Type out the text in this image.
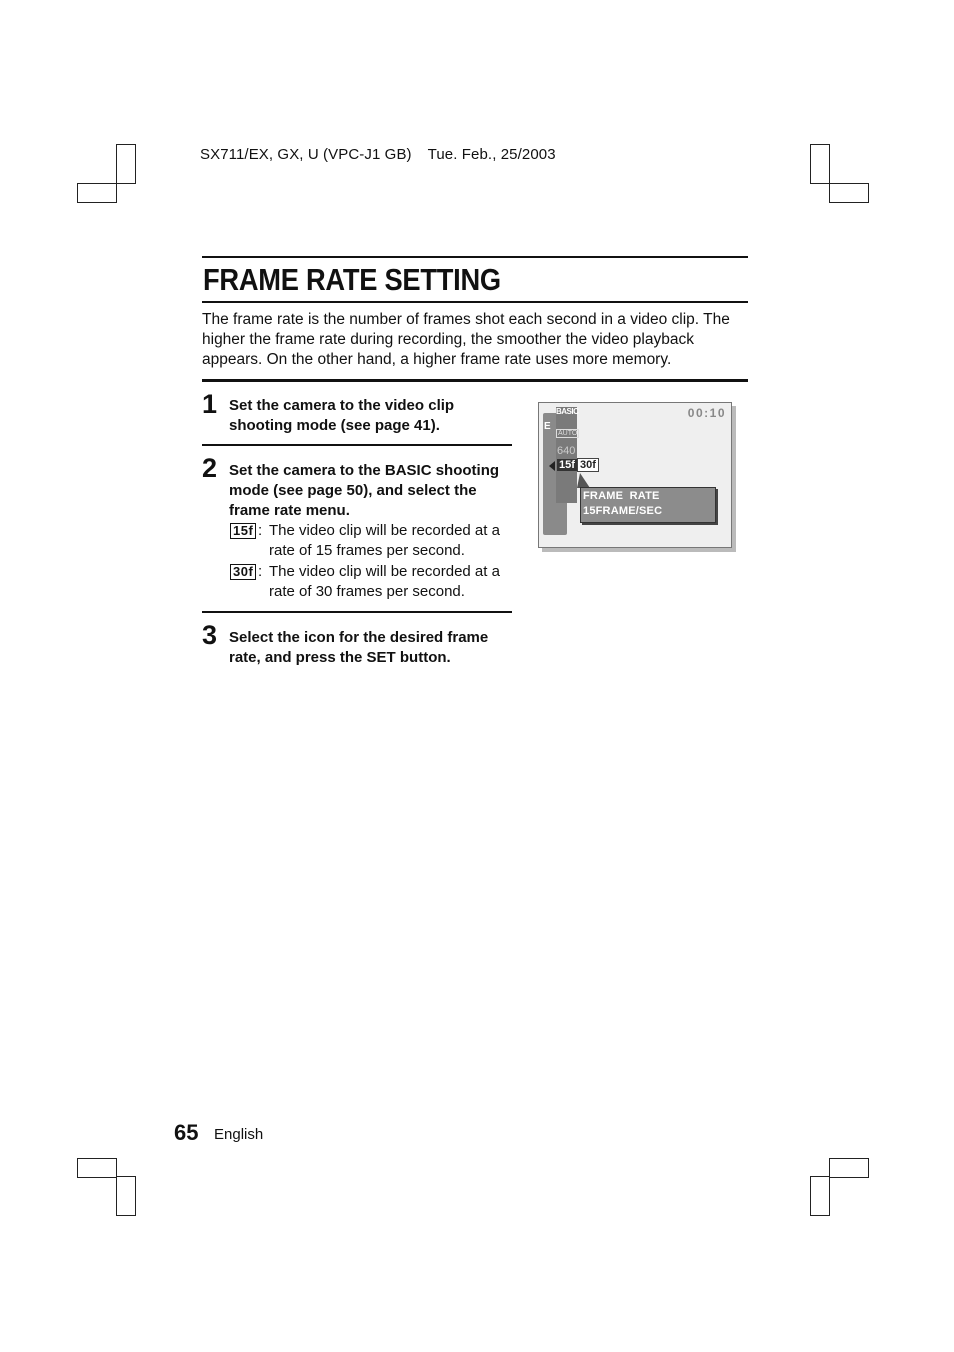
SX711/EX, GX, U (VPC-J1 GB) Tue. Feb., 25/2003
FRAME RATE SETTING
The frame rate is the number of frames shot each second in a video clip. The higher the frame rate during recording, the smoother the video playback appears. On the other hand, a higher frame rate uses more memory.
1 Set the camera to the video clip shooting mode (see page 41).
2 Set the camera to the BASIC shooting mode (see page 50), and select the frame rate menu.
15f : The video clip will be recorded at a rate of 15 frames per second.
30f : The video clip will be recorded at a rate of 30 frames per second.
3 Select the icon for the desired frame rate, and press the SET button.
00:10
E
BASIC
AUTO
640
15f 30f
FRAME  RATE
15FRAME/SEC
65 English
